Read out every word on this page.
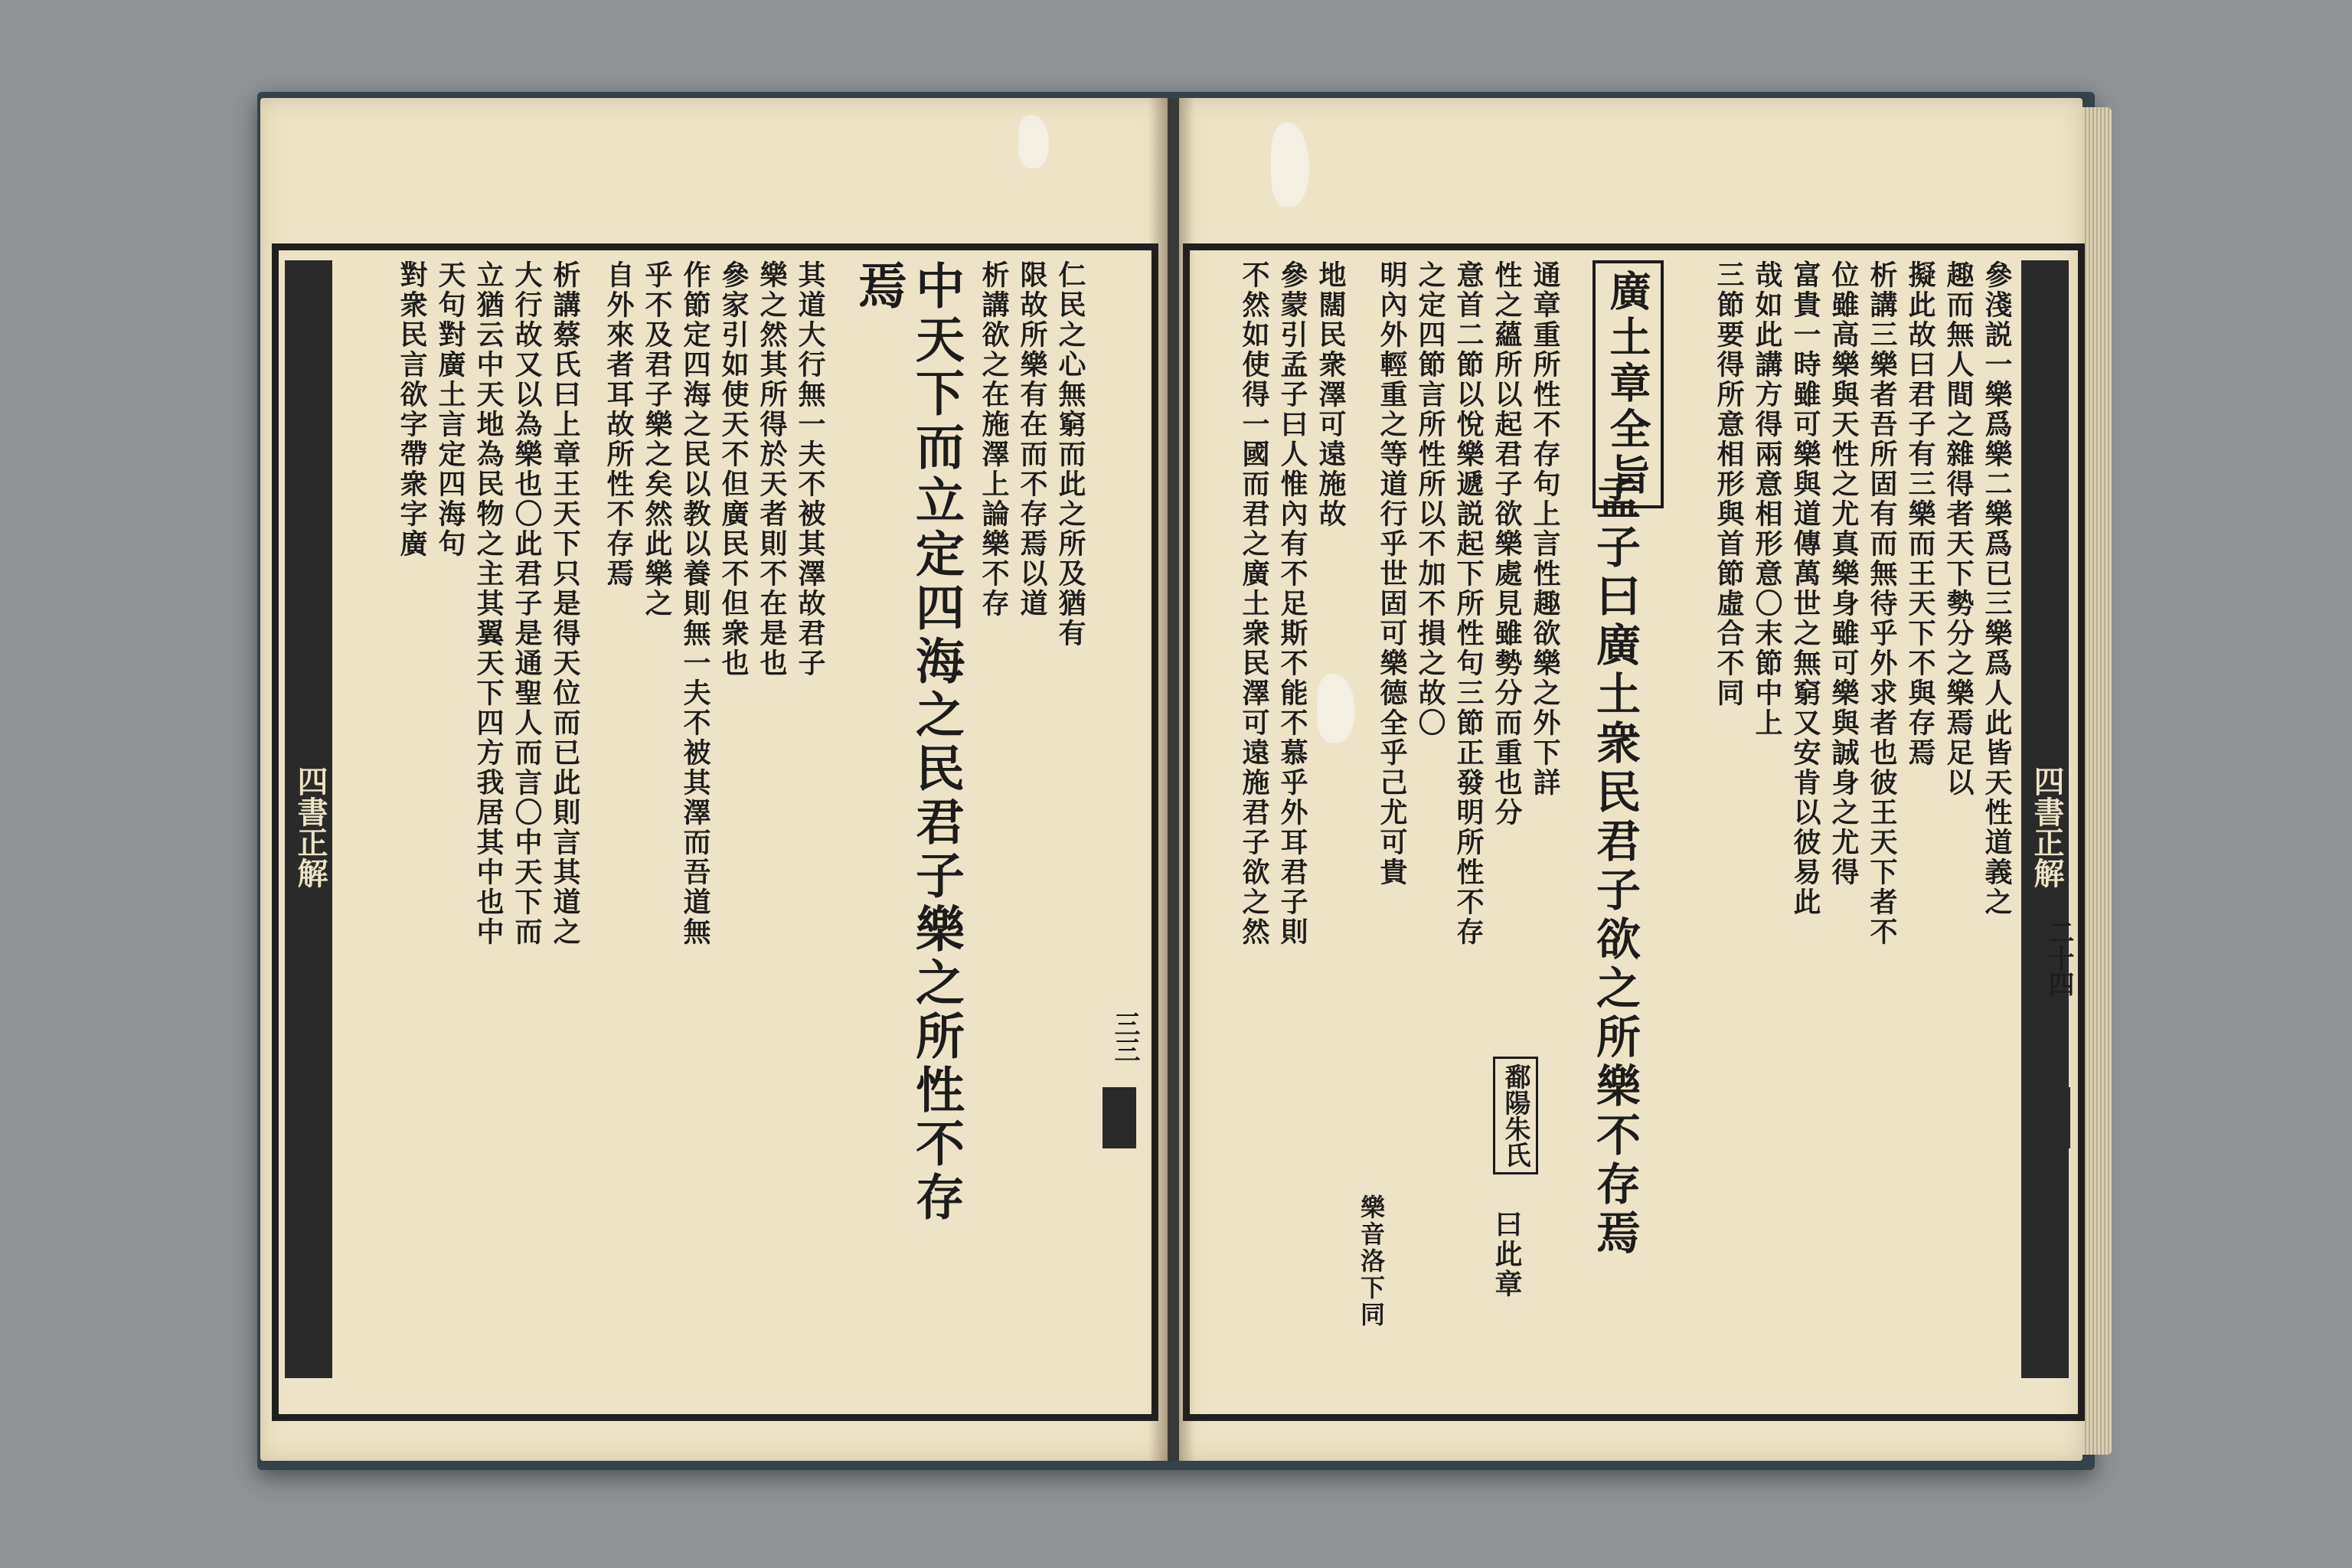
四書正解	四書正解
三三
二十四
仁民之心無窮而此之所及猶有
限故所樂有在而不存焉以道
析講欲之在施澤上論樂不存
中天下而立定四海之民君子樂之所性不存
焉
其道大行無一夫不被其澤故君子
樂之然其所得於天者則不在是也
參家引如使天不但廣民不但衆也
作節定四海之民以教以養則無一夫不被其澤而吾道無
乎不及君子樂之矣然此樂之
自外來者耳故所性不存焉
析講蔡氏曰上章王天下只是得天位而已此則言其道之
大行故又以為樂也〇此君子是通聖人而言〇中天下而
立猶云中天地為民物之主其翼天下四方我居其中也中
天句對廣土言定四海句
對衆民言欲字帶衆字廣	參淺説一樂爲樂二樂爲已三樂爲人此皆天性道義之
趣而無人間之雜得者天下勢分之樂焉足以
擬此故曰君子有三樂而王天下不與存焉
析講三樂者吾所固有而無待乎外求者也彼王天下者不
位雖高樂與天性之尤真樂身雖可樂與誠身之尤得
富貴一時雖可樂與道傳萬世之無窮又安肯以彼易此
哉如此講方得兩意相形意〇末節中上
三節要得所意相形與首節虛合不同
廣土章全旨
孟子曰廣土衆民君子欲之所樂不存焉
通章重所性不存句上言性趣欲樂之外下詳
性之蘊所以起君子欲樂處見雖勢分而重也分
意首二節以悅樂遞説起下所性句三節正發明所性不存
之定四節言所性所以不加不損之故〇
明內外輕重之等道行乎世固可樂德全乎己尤可貴
鄱陽朱氏
曰此章
樂音洛下同
地闊民衆澤可遠施故
參蒙引孟子曰人惟內有不足斯不能不慕乎外耳君子則
不然如使得一國而君之廣土衆民澤可遠施君子欲之然
